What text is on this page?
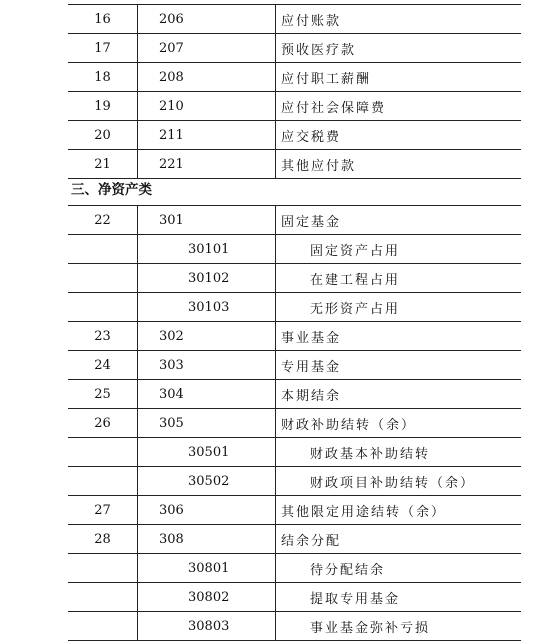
16	206	应付账款
17	207	预收医疗款
18	208	应付职工薪酬
19	210	应付社会保障费
20	211	应交税费
21	221	其他应付款
三、净资产类
22	301	固定基金
	30101	固定资产占用
	30102	在建工程占用
	30103	无形资产占用
23	302	事业基金
24	303	专用基金
25	304	本期结余
26	305	财政补助结转（余）
	30501	财政基本补助结转
	30502	财政项目补助结转（余）
27	306	其他限定用途结转（余）
28	308	结余分配
	30801	待分配结余
	30802	提取专用基金
	30803	事业基金弥补亏损
